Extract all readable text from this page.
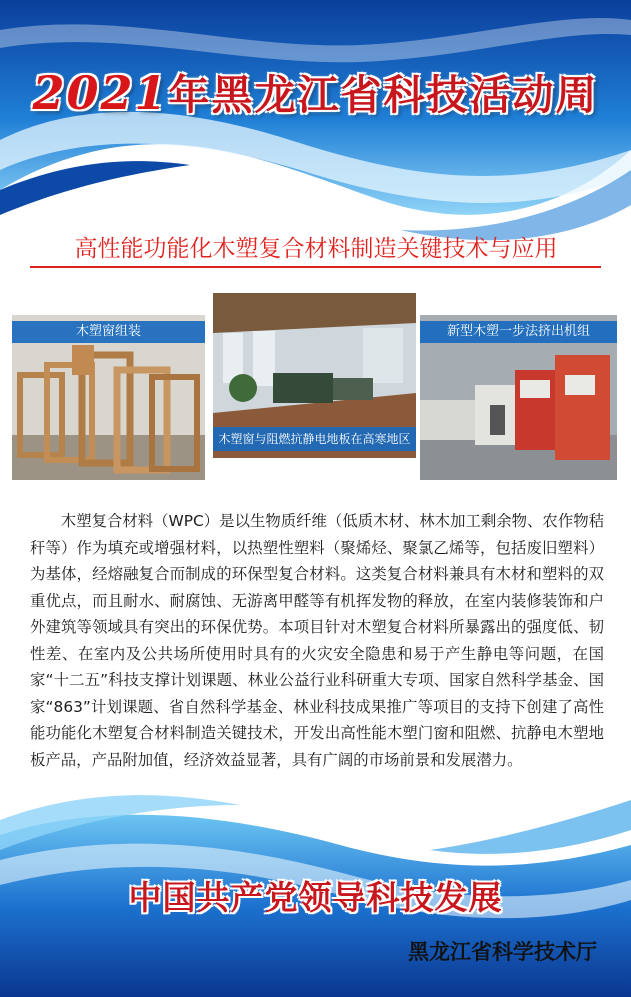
2021年黑龙江省科技活动周
高性能功能化木塑复合材料制造关键技术与应用
木塑窗组装
木塑窗与阻燃抗静电地板在高寒地区
新型木塑一步法挤出机组
木塑复合材料（WPC）是以生物质纤维（低质木材、林木加工剩余物、农作物秸秆等）作为填充或增强材料，以热塑性塑料（聚烯烃、聚氯乙烯等，包括废旧塑料）为基体，经熔融复合而制成的环保型复合材料。这类复合材料兼具有木材和塑料的双重优点，而且耐水、耐腐蚀、无游离甲醛等有机挥发物的释放，在室内装修装饰和户外建筑等领域具有突出的环保优势。本项目针对木塑复合材料所暴露出的强度低、韧性差、在室内及公共场所使用时具有的火灾安全隐患和易于产生静电等问题，在国家“十二五”科技支撑计划课题、林业公益行业科研重大专项、国家自然科学基金、国家“863”计划课题、省自然科学基金、林业科技成果推广等项目的支持下创建了高性能功能化木塑复合材料制造关键技术，开发出高性能木塑门窗和阻燃、抗静电木塑地板产品，产品附加值，经济效益显著，具有广阔的市场前景和发展潜力。
中国共产党领导科技发展
黑龙江省科学技术厅
